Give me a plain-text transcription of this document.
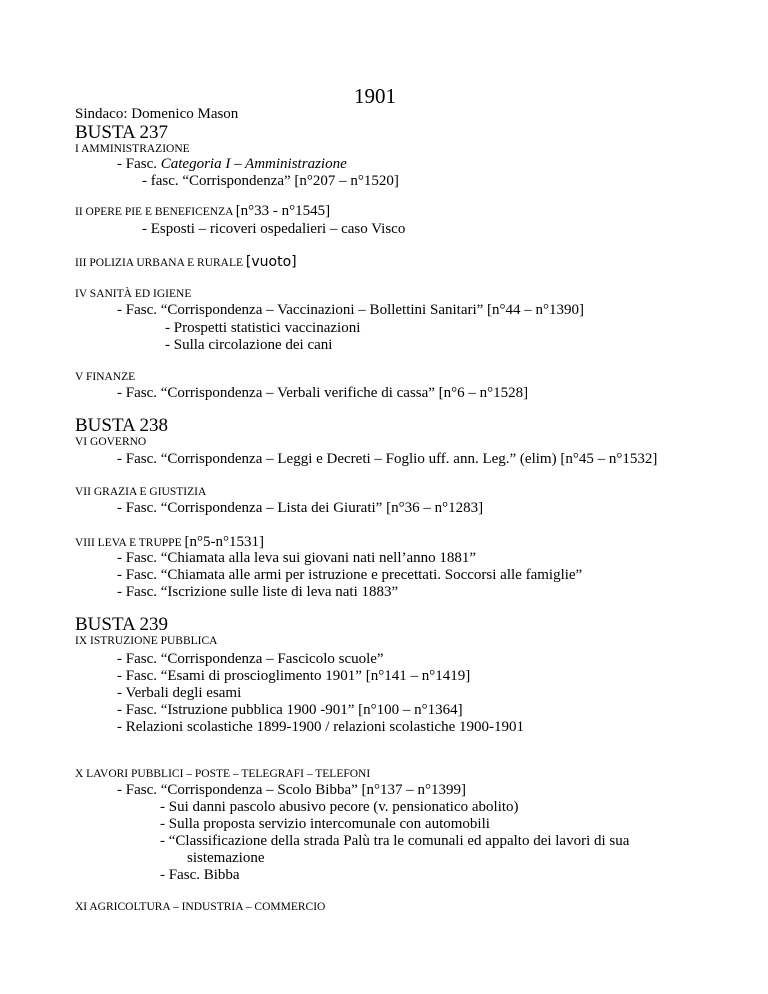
1901
Sindaco: Domenico Mason
BUSTA 237
I AMMINISTRAZIONE
- Fasc. Categoria I – Amministrazione
- fasc. “Corrispondenza” [n°207 – n°1520]
II OPERE PIE E BENEFICENZA [n°33 - n°1545]
- Esposti – ricoveri ospedalieri – caso Visco
III POLIZIA URBANA E RURALE [vuoto]
IV SANITÀ ED IGIENE
- Fasc. “Corrispondenza – Vaccinazioni – Bollettini Sanitari” [n°44 – n°1390]
- Prospetti statistici vaccinazioni
- Sulla circolazione dei cani
V FINANZE
- Fasc. “Corrispondenza – Verbali verifiche di cassa” [n°6 – n°1528]
BUSTA 238
VI GOVERNO
- Fasc. “Corrispondenza – Leggi e Decreti – Foglio uff. ann. Leg.” (elim) [n°45 – n°1532]
VII GRAZIA E GIUSTIZIA
- Fasc. “Corrispondenza – Lista dei Giurati” [n°36 – n°1283]
VIII LEVA E TRUPPE [n°5-n°1531]
- Fasc. “Chiamata alla leva sui giovani nati nell’anno 1881”
- Fasc. “Chiamata alle armi per istruzione e precettati. Soccorsi alle famiglie”
- Fasc. “Iscrizione sulle liste di leva nati 1883”
BUSTA 239
IX ISTRUZIONE PUBBLICA
- Fasc. “Corrispondenza – Fascicolo scuole”
- Fasc. “Esami di proscioglimento 1901” [n°141 – n°1419]
- Verbali degli esami
- Fasc. “Istruzione pubblica 1900 -901” [n°100 – n°1364]
- Relazioni scolastiche 1899-1900 / relazioni scolastiche 1900-1901
X LAVORI PUBBLICI – POSTE – TELEGRAFI – TELEFONI
- Fasc. “Corrispondenza – Scolo Bibba” [n°137 – n°1399]
- Sui danni pascolo abusivo pecore (v. pensionatico abolito)
- Sulla proposta servizio intercomunale con automobili
- “Classificazione della strada Palù tra le comunali ed appalto dei lavori di sua
sistemazione
- Fasc. Bibba
XI AGRICOLTURA – INDUSTRIA – COMMERCIO
